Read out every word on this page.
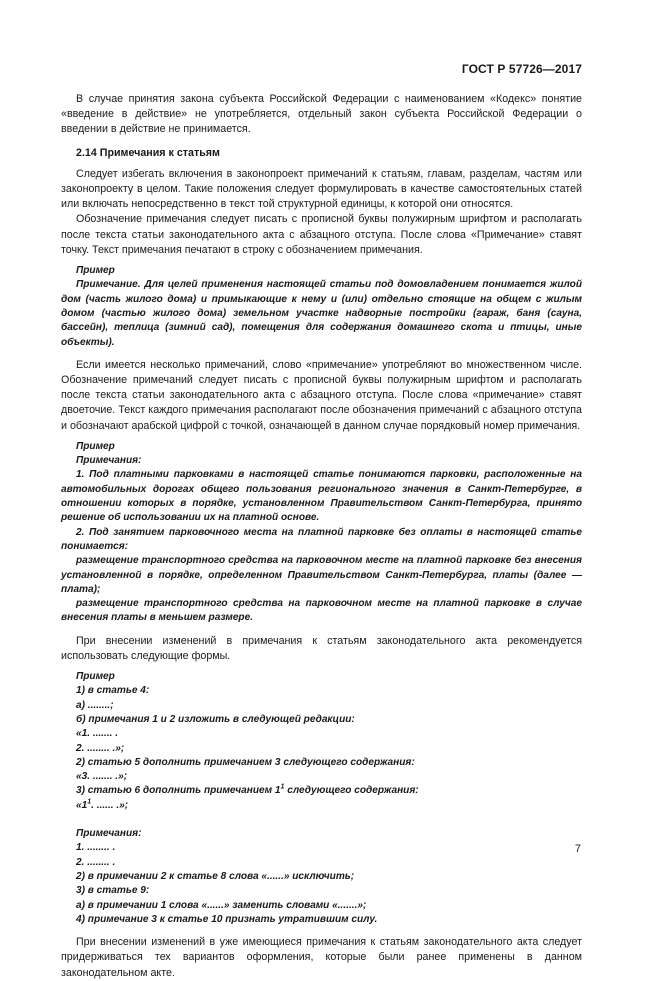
ГОСТ Р 57726—2017

В случае принятия закона субъекта Российской Федерации с наименованием «Кодекс» понятие «введение в действие» не употребляется, отдельный закон субъекта Российской Федерации о введении в действие не принимается.

2.14 Примечания к статьям

Следует избегать включения в законопроект примечаний к статьям, главам, разделам, частям или законопроекту в целом. Такие положения следует формулировать в качестве самостоятельных статей или включать непосредственно в текст той структурной единицы, к которой они относятся.

Обозначение примечания следует писать с прописной буквы полужирным шрифтом и располагать после текста статьи законодательного акта с абзацного отступа. После слова «Примечание» ставят точку. Текст примечания печатают в строку с обозначением примечания.

Пример

Примечание. Для целей применения настоящей статьи под домовладением понимается жилой дом (часть жилого дома) и примыкающие к нему и (или) отдельно стоящие на общем с жилым домом (частью жилого дома) земельном участке надворные постройки (гараж, баня (сауна, бассейн), теплица (зимний сад), помещения для содержания домашнего скота и птицы, иные объекты).

Если имеется несколько примечаний, слово «примечание» употребляют во множественном числе. Обозначение примечаний следует писать с прописной буквы полужирным шрифтом и располагать после текста статьи законодательного акта с абзацного отступа. После слова «примечание» ставят двоеточие. Текст каждого примечания располагают после обозначения примечаний с абзацного отступа и обозначают арабской цифрой с точкой, означающей в данном случае порядковый номер примечания.

Пример

Примечания:

1. Под платными парковками в настоящей статье понимаются парковки, расположенные на автомобильных дорогах общего пользования регионального значения в Санкт-Петербурге, в отношении которых в порядке, установленном Правительством Санкт-Петербурга, принято решение об использовании их на платной основе.

2. Под занятием парковочного места на платной парковке без оплаты в настоящей статье понимается:

размещение транспортного средства на парковочном месте на платной парковке без внесения установленной в порядке, определенном Правительством Санкт-Петербурга, платы (далее — плата);

размещение транспортного средства на парковочном месте на платной парковке в случае внесения платы в меньшем размере.

При внесении изменений в примечания к статьям законодательного акта рекомендуется использовать следующие формы.

Пример

1) в статье 4:

а) ........;

б) примечания 1 и 2 изложить в следующей редакции:

«1. ....... .

2. ........ .»;

2) статью 5 дополнить примечанием 3 следующего содержания:

«3. ....... .»;

3) статью 6 дополнить примечанием $1^1$ следующего содержания:

«$1^1$. ...... .»;

Примечания:

1. ........ .

2. ........ .

2) в примечании 2 к статье 8 слова «......» исключить;

3) в статье 9:

а) в примечании 1 слова «......» заменить словами «.......»;

4) примечание 3 к статье 10 признать утратившим силу.

При внесении изменений в уже имеющиеся примечания к статьям законодательного акта следует придерживаться тех вариантов оформления, которые были ранее применены в данном законодательном акте.

7
